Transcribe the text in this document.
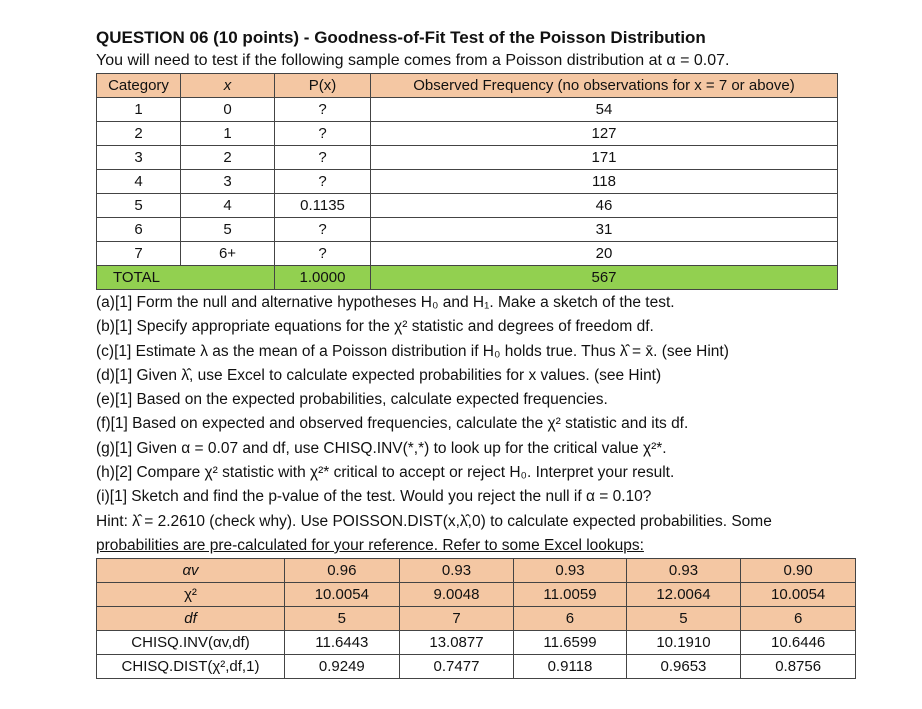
QUESTION 06 (10 points) - Goodness-of-Fit Test of the Poisson Distribution
You will need to test if the following sample comes from a Poisson distribution at α = 0.07.
Category	x	P(x)	Observed Frequency (no observations for x = 7 or above)
1	0	?	54
2	1	?	127
3	2	?	171
4	3	?	118
5	4	0.1135	46
6	5	?	31
7	6+	?	20
TOTAL		1.0000	567
(a)[1] Form the null and alternative hypotheses H₀ and H₁. Make a sketch of the test.
(b)[1] Specify appropriate equations for the χ² statistic and degrees of freedom df.
(c)[1] Estimate λ as the mean of a Poisson distribution if H₀ holds true. Thus λ̂ = x̄. (see Hint)
(d)[1] Given λ̂, use Excel to calculate expected probabilities for x values. (see Hint)
(e)[1] Based on the expected probabilities, calculate expected frequencies.
(f)[1] Based on expected and observed frequencies, calculate the χ² statistic and its df.
(g)[1] Given α = 0.07 and df, use CHISQ.INV(*,*) to look up for the critical value χ²*.
(h)[2] Compare χ² statistic with χ²* critical to accept or reject H₀. Interpret your result.
(i)[1] Sketch and find the p-value of the test. Would you reject the null if α = 0.10?
Hint: λ̂ = 2.2610 (check why). Use POISSON.DIST(x,λ̂,0) to calculate expected probabilities. Some
probabilities are pre-calculated for your reference. Refer to some Excel lookups:
αv	0.96	0.93	0.93	0.93	0.90
χ²	10.0054	9.0048	11.0059	12.0064	10.0054
df	5	7	6	5	6
CHISQ.INV(αv,df)	11.6443	13.0877	11.6599	10.1910	10.6446
CHISQ.DIST(χ²,df,1)	0.9249	0.7477	0.9118	0.9653	0.8756
